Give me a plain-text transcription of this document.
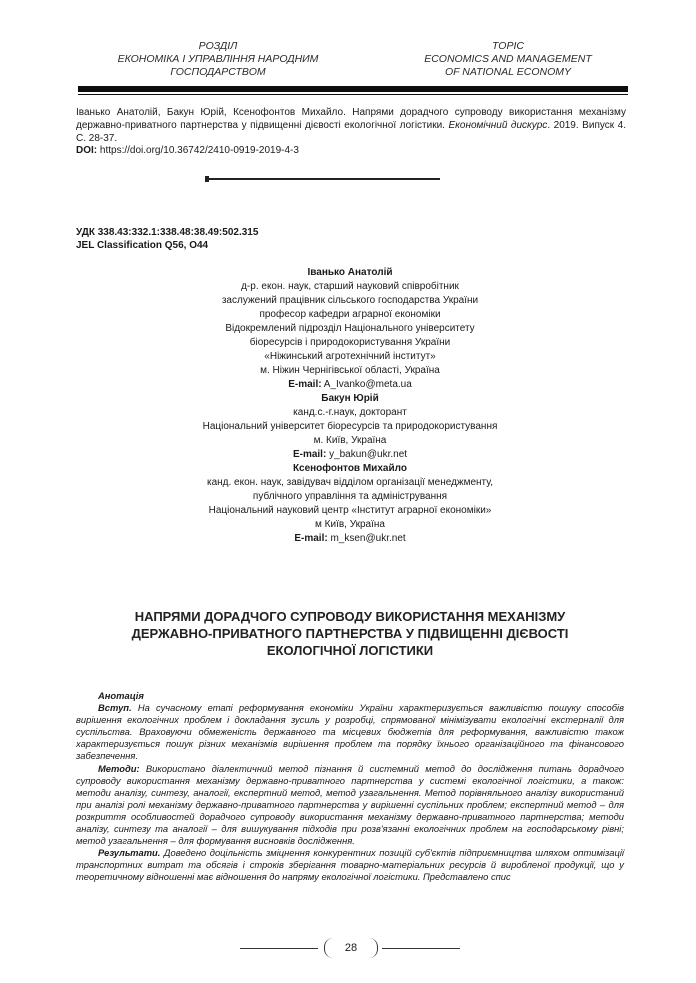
РОЗДІЛ
ЕКОНОМІКА І УПРАВЛІННЯ НАРОДНИМ
ГОСПОДАРСТВОМ
TOPIC
ECONOMICS AND MANAGEMENT
OF NATIONAL ECONOMY
Іванько Анатолій, Бакун Юрій, Ксенофонтов Михайло. Напрями дорадчого супроводу використання механізму державно-приватного партнерства у підвищенні дієвості екологічної логістики. Економічний дискурс. 2019. Випуск 4. С. 28-37.
DOI: https://doi.org/10.36742/2410-0919-2019-4-3
УДК 338.43:332.1:338.48:38.49:502.315
JEL Classification Q56, O44
Іванько Анатолій
д-р. екон. наук, старший науковий співробітник
заслужений працівник сільського господарства України
професор кафедри аграрної економіки
Відокремлений підрозділ Національного університету
біоресурсів і природокористування України
«Ніжинський агротехнічний інститут»
м. Ніжин Чернігівської області, Україна
E-mail: A_Ivanko@meta.ua
Бакун Юрій
канд.с.-г.наук, докторант
Національний університет біоресурсів та природокористування
м. Київ, Україна
E-mail: y_bakun@ukr.net
Ксенофонтов Михайло
канд. екон. наук, завідувач відділом організації менеджменту,
публічного управління та адміністрування
Національний науковий центр «Інститут аграрної економіки»
м Київ, Україна
E-mail: m_ksen@ukr.net
НАПРЯМИ ДОРАДЧОГО СУПРОВОДУ ВИКОРИСТАННЯ МЕХАНІЗМУ
ДЕРЖАВНО-ПРИВАТНОГО ПАРТНЕРСТВА У ПІДВИЩЕННІ ДІЄВОСТІ
ЕКОЛОГІЧНОЇ ЛОГІСТИКИ

Анотація

Вступ. На сучасному етапі реформування економіки України характеризується важливістю пошуку способів вирішення екологічних проблем і докладання зусиль у розробці, спрямованої мінімізувати екологічні екстерналії для суспільства. Враховуючи обмеженість державного та місцевих бюджетів для реформування, важливістю також характеризується пошук різних механізмів вирішення проблем та порядку їхнього організаційного та фінансового забезпечення.

Методи: Використано діалектичний метод пізнання й системний метод до дослідження питань дорадчого супроводу використання механізму державно-приватного партнерства у системі екологічної логістики, а також: методи аналізу, синтезу, аналогії, експертний метод, метод узагальнення. Метод порівняльного аналізу використаний при аналізі ролі механізму державно-приватного партнерства у вирішенні суспільних проблем; експертний метод – для розкриття особливостей дорадчого супроводу використання механізму державно-приватного партнерства; методи аналізу, синтезу та аналогії – для вишукування підходів при розв'язанні екологічних проблем на господарському рівні; метод узагальнення – для формування висновків дослідження.

Результати. Доведено доцільність зміцнення конкурентних позицій суб'єктів підприємництва шляхом оптимізації транспортних витрат та обсягів і строків зберігання товарно-матеріальних ресурсів й виробленої продукції, що у теоретичному відношенні має відношення до напряму екологічної логістики. Представлено спис

28
